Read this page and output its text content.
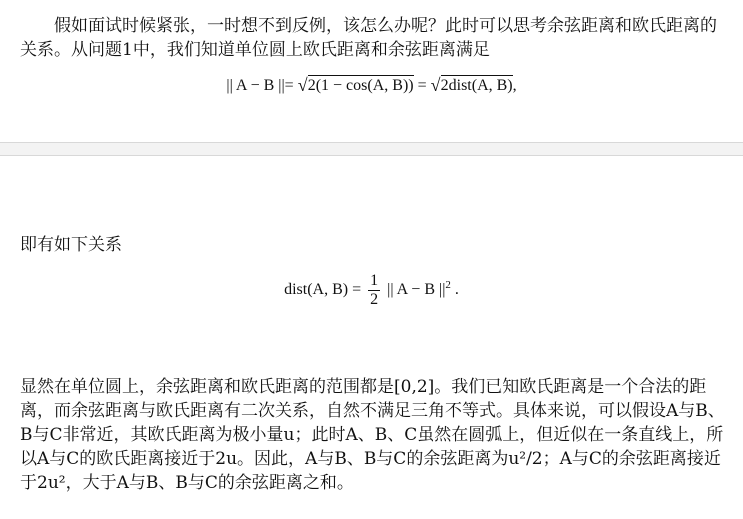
假如面试时候紧张，一时想不到反例，该怎么办呢？此时可以思考余弦距离和欧氏距离的关系。从问题1中，我们知道单位圆上欧氏距离和余弦距离满足

|| A − B ||= √ 2(1 − cos(A, B)) = √ 2dist(A, B),

即有如下关系

dist(A, $B) = \frac{1}{2}$ || A − B $||^2$ .

显然在单位圆上，余弦距离和欧氏距离的范围都是[0,2]。我们已知欧氏距离是一个合法的距离，而余弦距离与欧氏距离有二次关系，自然不满足三角不等式。具体来说，可以假设A与B、B与C非常近，其欧氏距离为极小量u；此时A、B、C虽然在圆弧上，但近似在一条直线上，所以A与C的欧氏距离接近于2u。因此，A与B、B与C的余弦距离为u²/2；A与C的余弦距离接近于2u²，大于A与B、B与C的余弦距离之和。
